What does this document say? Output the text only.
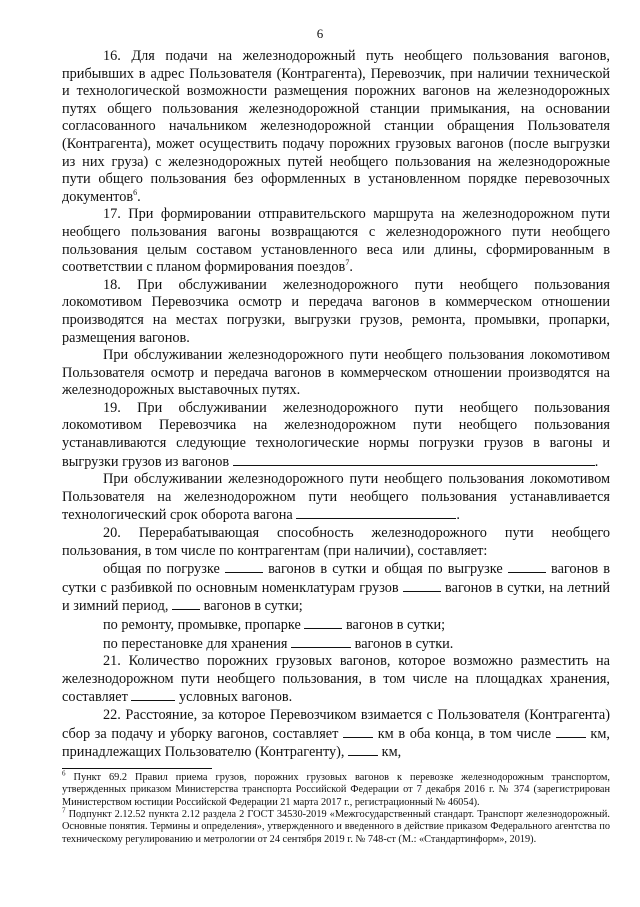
6

16. Для подачи на железнодорожный путь необщего пользования вагонов, прибывших в адрес Пользователя (Контрагента), Перевозчик, при наличии технической и технологической возможности размещения порожних вагонов на железнодорожных путях общего пользования железнодорожной станции примыкания, на основании согласованного начальником железнодорожной станции обращения Пользователя (Контрагента), может осуществить подачу порожних грузовых вагонов (после выгрузки из них груза) с железнодорожных путей необщего пользования на железнодорожные пути общего пользования без оформленных в установленном порядке перевозочных документов$^6$.

17. При формировании отправительского маршрута на железнодорожном пути необщего пользования вагоны возвращаются с железнодорожного пути необщего пользования целым составом установленного веса или длины, сформированным в соответствии с планом формирования поездов$^7$.

18. При обслуживании железнодорожного пути необщего пользования локомотивом Перевозчика осмотр и передача вагонов в коммерческом отношении производятся на местах погрузки, выгрузки грузов, ремонта, промывки, пропарки, размещения вагонов.

При обслуживании железнодорожного пути необщего пользования локомотивом Пользователя осмотр и передача вагонов в коммерческом отношении производятся на железнодорожных выставочных путях.

19. При обслуживании железнодорожного пути необщего пользования локомотивом Перевозчика на железнодорожном пути необщего пользования устанавливаются следующие технологические нормы погрузки грузов в вагоны и выгрузки грузов из вагонов	.

При обслуживании железнодорожного пути необщего пользования локомотивом Пользователя на железнодорожном пути необщего пользования устанавливается технологический срок оборота вагона	.

20. Перерабатывающая способность железнодорожного пути необщего пользования, в том числе по контрагентам (при наличии), составляет:

общая по погрузке	вагонов в сутки и общая по выгрузке	вагонов в сутки с разбивкой по основным номенклатурам грузов	вагонов в сутки, на летний и зимний период, вагонов в сутки;

по ремонту, промывке, пропарке	вагонов в сутки;

по перестановке для хранения	вагонов в сутки.

21. Количество порожних грузовых вагонов, которое возможно разместить на железнодорожном пути необщего пользования, в том числе на площадках хранения, составляет	условных вагонов.

22. Расстояние, за которое Перевозчиком взимается с Пользователя (Контрагента) сбор за подачу и уборку вагонов, составляет	км в оба конца, в том числе	км, принадлежащих Пользователю (Контрагенту),	км,

$^6$ Пункт 69.2 Правил приема грузов, порожних грузовых вагонов к перевозке железнодорожным транспортом, утвержденных приказом Министерства транспорта Российской Федерации от 7 декабря 2016 г. № 374 (зарегистрирован Министерством юстиции Российской Федерации 21 марта 2017 г., регистрационный № 46054).

$^7$ Подпункт 2.12.52 пункта 2.12 раздела 2 ГОСТ 34530-2019 «Межгосударственный стандарт. Транспорт железнодорожный. Основные понятия. Термины и определения», утвержденного и введенного в действие приказом Федерального агентства по техническому регулированию и метрологии от 24 сентября 2019 г. № 748-ст (М.: «Стандартинформ», 2019).
